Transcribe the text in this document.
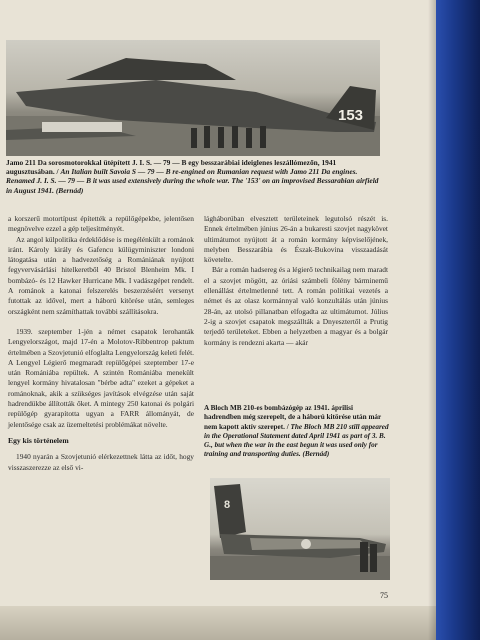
153

Jamo 211 Da sorosmotorokkal ütépített J. I. S. — 79 — B egy besszarábiai ideiglenes leszállómezőn, 1941 augusztusában. / An Italian built Savoia S — 79 — B re-engined on Rumanian request with Jamo 211 Da engines. Renamed J. I. S. — 79 — B it was used extensively during the whole war. The '153' on an improvised Bessarabian airfield in August 1941. (Bernád)

a korszerű motortípust építették a repülőgépekbe, jelentősen megnövelve ezzel a gép teljesítményét.

Az angol külpolitika érdeklődése is megélénkült a románok iránt. Károly király és Gafencu külügyminiszter londoni látogatása után a hadvezetőség a Romániának nyújtott fegyvervásárlási hitelkeretből 40 Bristol Blenheim Mk. I bombázó- és 12 Hawker Hurricane Mk. I vadászgépet rendelt. A románok a katonai felszerelés beszerzéséért versenyt futottak az idővel, mert a háború kitörése után, semleges országként nem számíthattak további szállításokra.

1939. szeptember 1-jén a német csapatok lerohanták Lengyelországot, majd 17-én a Molotov-Ribbentrop paktum értelmében a Szovjetunió elfoglalta Lengyelország keleti felét. A Lengyel Légierő megmaradt repülőgépei szeptember 17-e után Romániába repültek. A szintén Romániába menekült lengyel kormány hivatalosan "bérbe adta" ezeket a gépeket a románoknak, akik a szükséges javítások elvégzése után saját hadrendükbe állították őket. A mintegy 250 katonai és polgári repülőgép gyarapította ugyan a FARR állományát, de jelentősége csak az üzemeltetési problémákat növelte.

Egy kis történelem

1940 nyarán a Szovjetunió elérkezettnek látta az időt, hogy visszaszerezze az első vi-

lágháborúban elvesztett területeinek legutolsó részét is. Ennek értelmében június 26-án a bukaresti szovjet nagykövet ultimátumot nyújtott át a román kormány képviselőjének, melyben Besszarábia és Észak-Bukovina visszaadását követelte.

Bár a román hadsereg és a légierő technikailag nem maradt el a szovjet mögött, az óriási számbeli fölény bárminemű ellenállást értelmetlenné tett. A román politikai vezetés a német és az olasz kormánnyal való konzultálás után június 28-án, az utolsó pillanatban elfogadta az ultimátumot. Július 2-ig a szovjet csapatok megszállták a Dnyesztertől a Prutig terjedő területeket. Ebben a helyzetben a magyar és a bolgár kormány is rendezni akarta — akár

A Bloch MB 210-es bombázógép az 1941. áprilisi hadrendben még szerepelt, de a háború kitörése után már nem kapott aktív szerepet. / The Bloch MB 210 still appeared in the Operational Statement dated April 1941 as part of 3. B. G., but when the war in the east begun it was used only for training and transporting duties. (Bernád)

8
75
